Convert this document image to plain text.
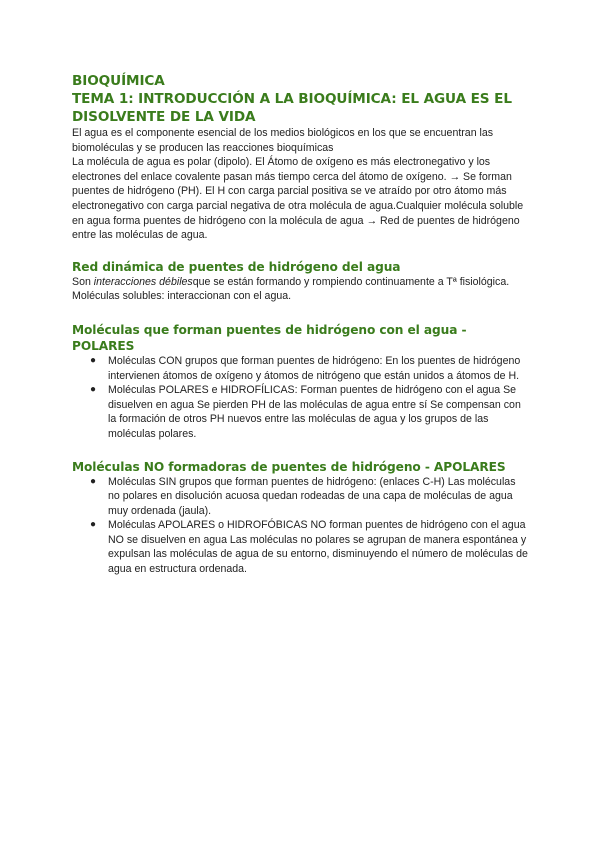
BIOQUÍMICA
TEMA 1: INTRODUCCIÓN A LA BIOQUÍMICA: EL AGUA ES EL DISOLVENTE DE LA VIDA

El agua es el componente esencial de los medios biológicos en los que se encuentran las biomoléculas y se producen las reacciones bioquímicas

La molécula de agua es polar (dipolo). El Átomo de oxígeno es más electronegativo y los electrones del enlace covalente pasan más tiempo cerca del átomo de oxígeno. → Se forman puentes de hidrógeno (PH). El H con carga parcial positiva se ve atraído por otro átomo más electronegativo con carga parcial negativa de otra molécula de agua.Cualquier molécula soluble en agua forma puentes de hidrógeno con la molécula de agua → Red de puentes de hidrógeno entre las moléculas de agua.

Red dinámica de puentes de hidrógeno del agua

Son interacciones débilesque se están formando y rompiendo continuamente a Tª fisiológica. Moléculas solubles: interaccionan con el agua.

Moléculas que forman puentes de hidrógeno con el agua - POLARES
● Moléculas CON grupos que forman puentes de hidrógeno: En los puentes de hidrógeno intervienen átomos de oxígeno y átomos de nitrógeno que están unidos a átomos de H.
● Moléculas POLARES e HIDROFÍLICAS: Forman puentes de hidrógeno con el agua Se disuelven en agua Se pierden PH de las moléculas de agua entre sí Se compensan con la formación de otros PH nuevos entre las moléculas de agua y los grupos de las moléculas polares.
Moléculas NO formadoras de puentes de hidrógeno - APOLARES
● Moléculas SIN grupos que forman puentes de hidrógeno: (enlaces C-H) Las moléculas no polares en disolución acuosa quedan rodeadas de una capa de moléculas de agua muy ordenada (jaula).
● Moléculas APOLARES o HIDROFÓBICAS NO forman puentes de hidrógeno con el agua NO se disuelven en agua Las moléculas no polares se agrupan de manera espontánea y expulsan las moléculas de agua de su entorno, disminuyendo el número de moléculas de agua en estructura ordenada.
